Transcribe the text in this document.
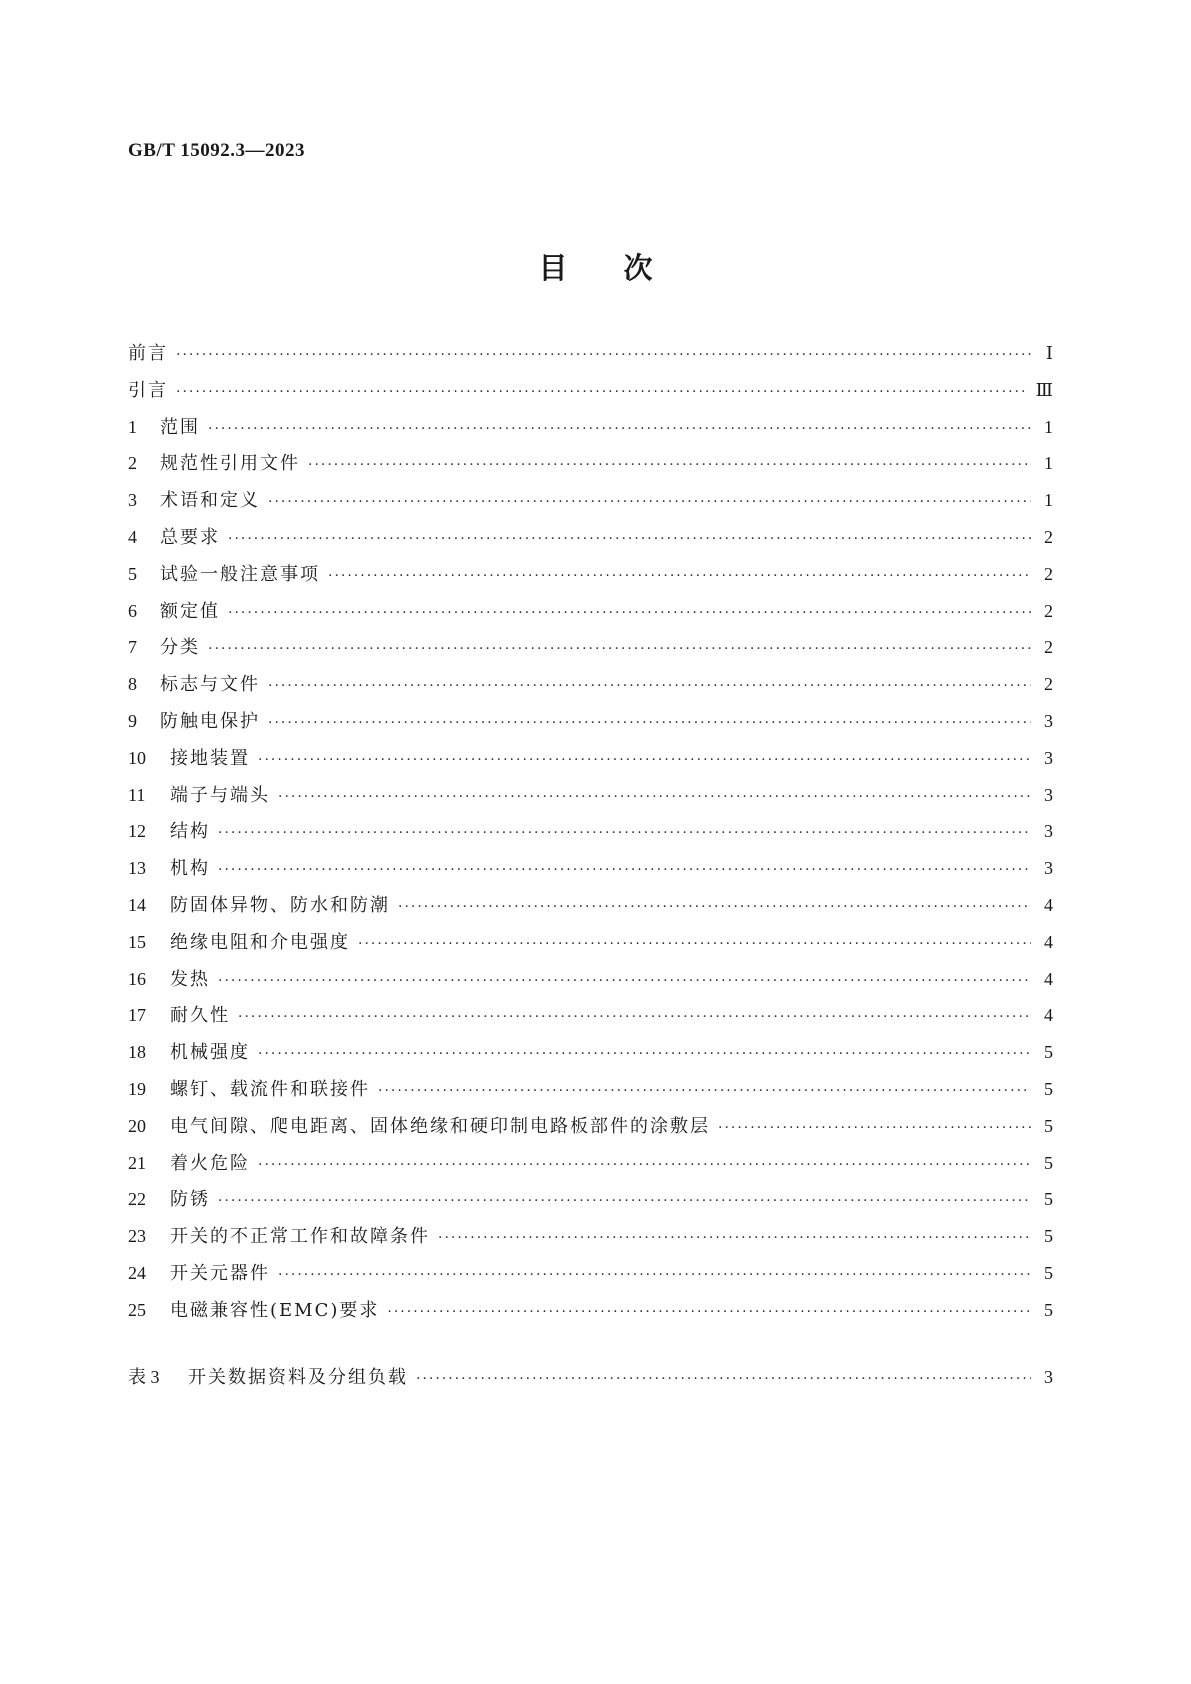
GB/T 15092.3—2023
目次
前言 ·····	Ⅰ
引言 ·····	Ⅲ
1	范围 ·····	1
2	规范性引用文件 ·····	1
3	术语和定义 ·····	1
4	总要求 ·····	2
5	试验一般注意事项 ·····	2
6	额定值 ·····	2
7	分类 ·····	2
8	标志与文件 ·····	2
9	防触电保护 ·····	3
10	接地装置 ·····	3
11	端子与端头 ·····	3
12	结构 ·····	3
13	机构 ·····	3
14	防固体异物、防水和防潮 ·····	4
15	绝缘电阻和介电强度 ·····	4
16	发热 ·····	4
17	耐久性 ·····	4
18	机械强度 ·····	5
19	螺钉、载流件和联接件 ·····	5
20	电气间隙、爬电距离、固体绝缘和硬印制电路板部件的涂敷层 ·····	5
21	着火危险 ·····	5
22	防锈 ·····	5
23	开关的不正常工作和故障条件 ·····	5
24	开关元器件 ·····	5
25	电磁兼容性(EMC)要求 ·····	5
表 3	开关数据资料及分组负载 ·····	3
